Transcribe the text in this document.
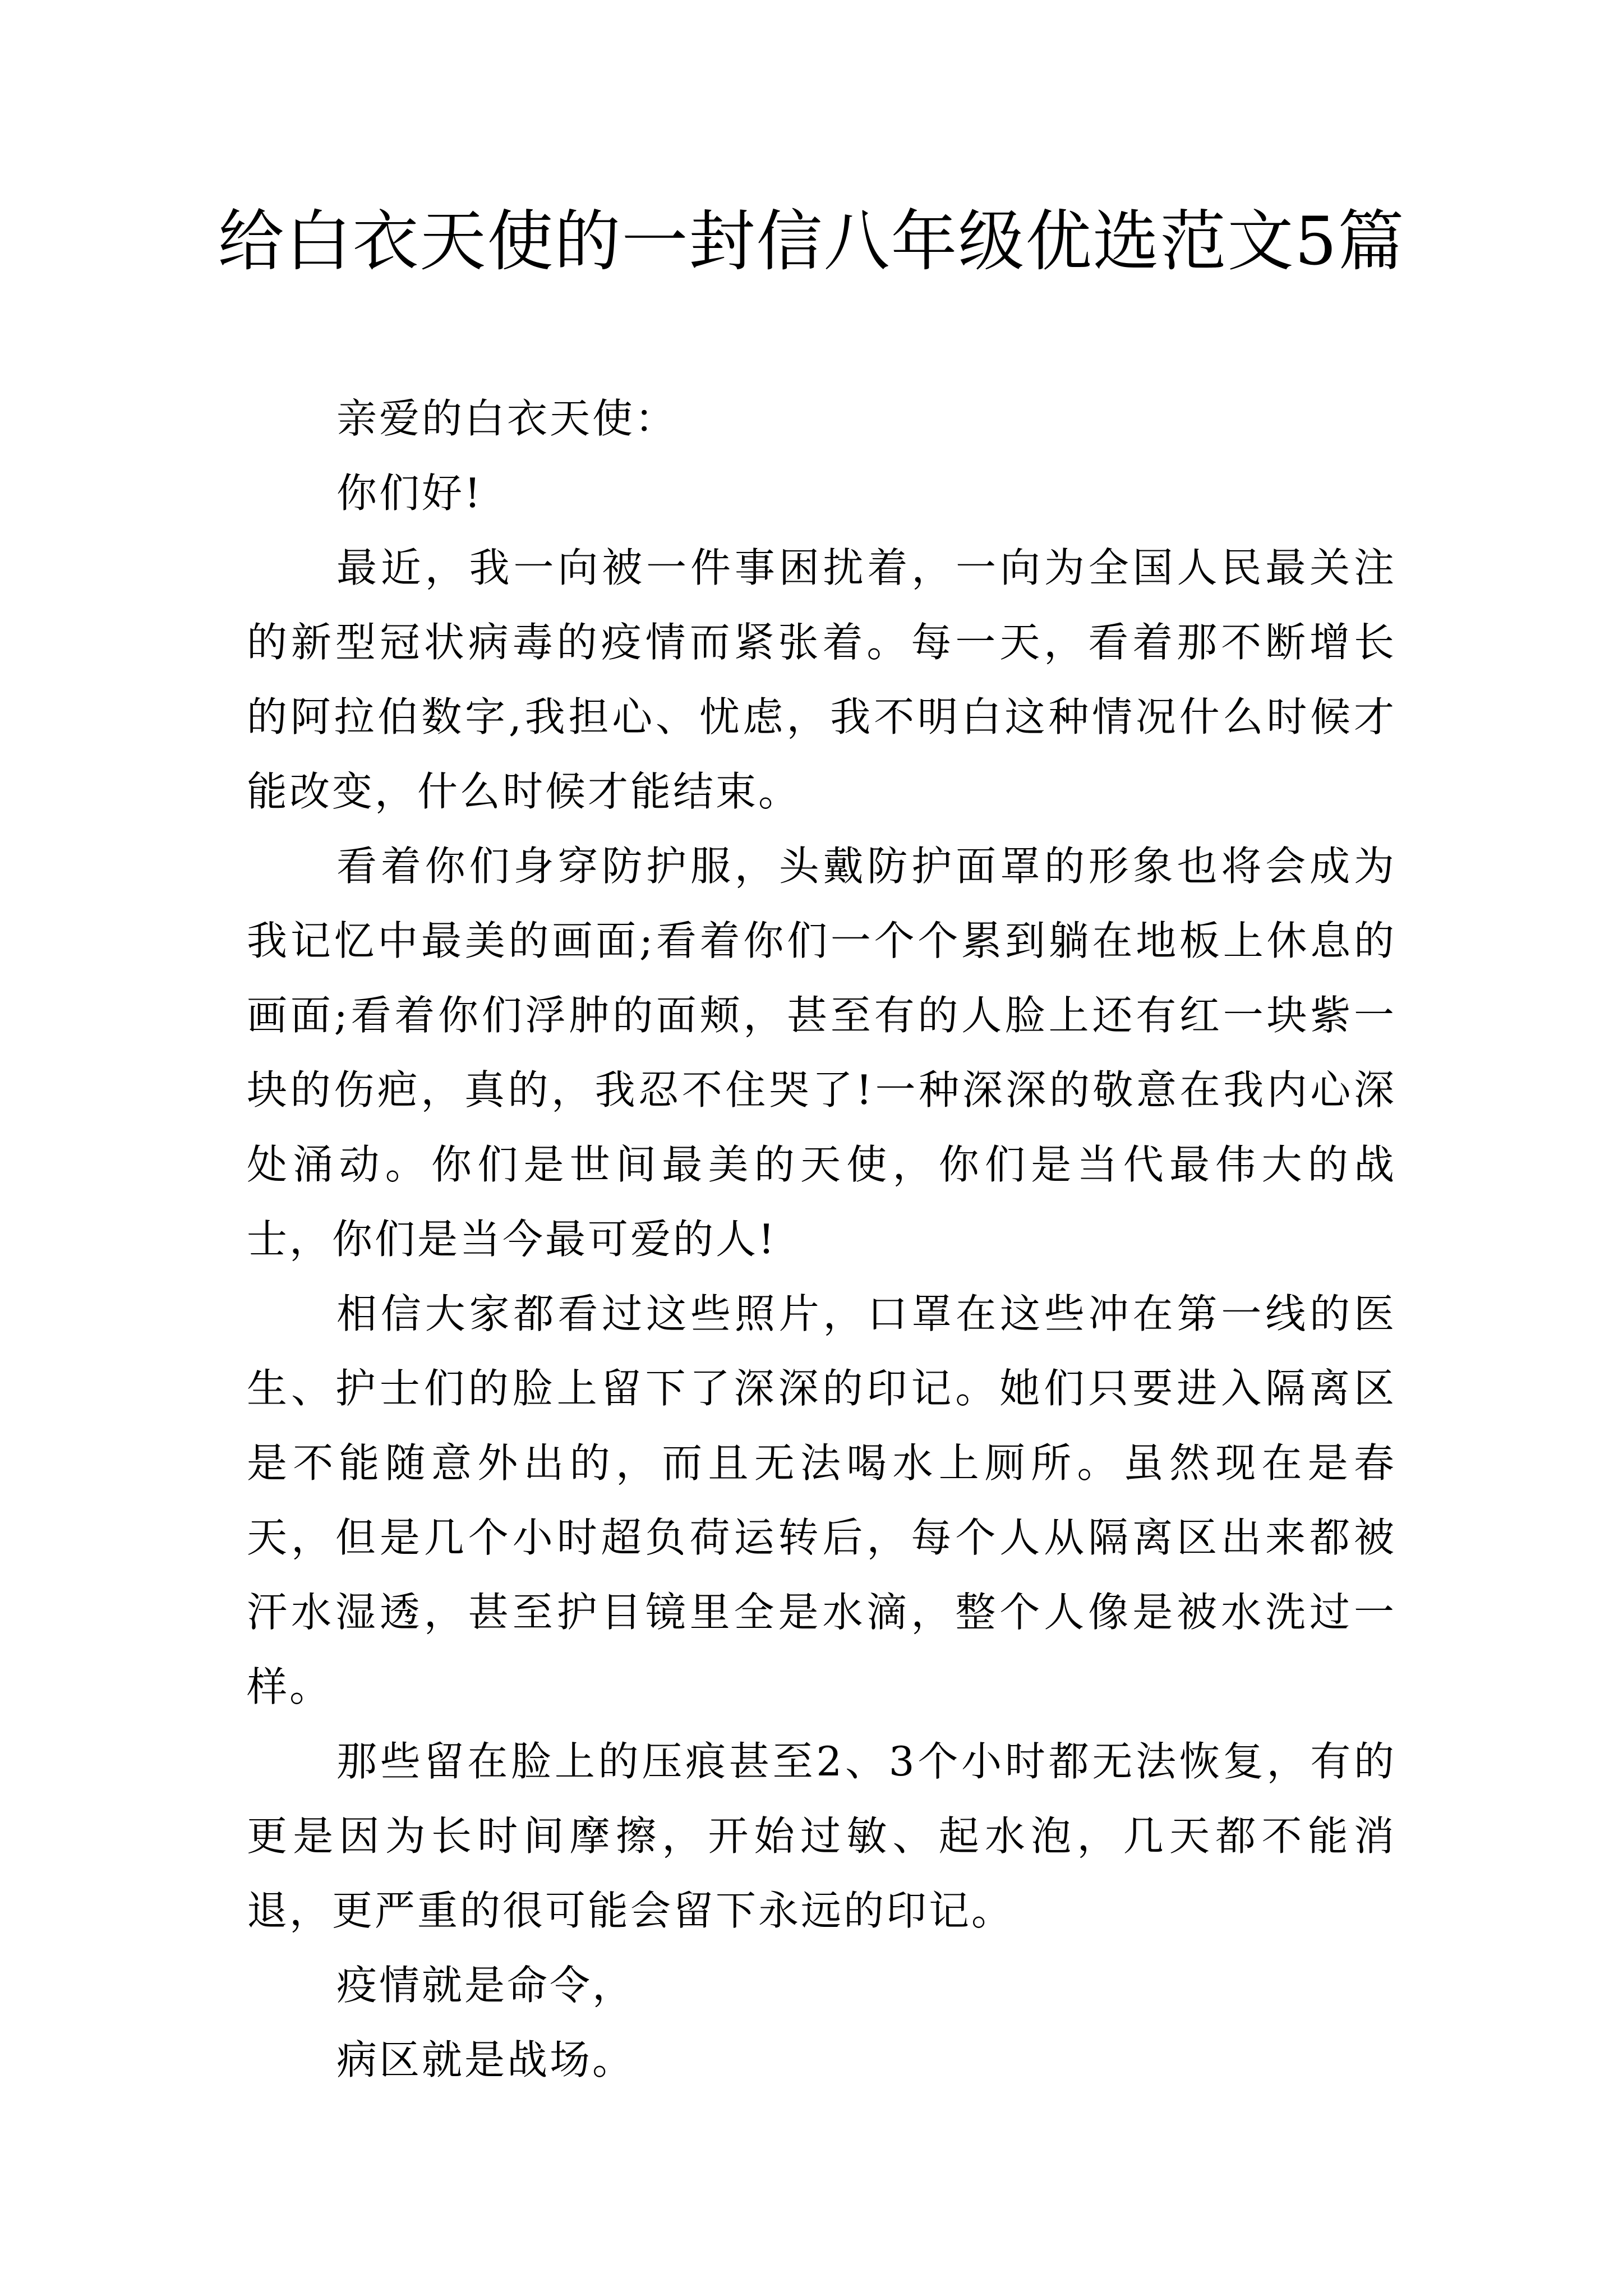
给白衣天使的一封信八年级优选范文5篇

亲爱的白衣天使：

你们好!

最近，我一向被一件事困扰着，一向为全国人民最关注的新型冠状病毒的疫情而紧张着。每一天，看着那不断增长的阿拉伯数字,我担心、忧虑，我不明白这种情况什么时候才能改变，什么时候才能结束。

看着你们身穿防护服，头戴防护面罩的形象也将会成为我记忆中最美的画面;看着你们一个个累到躺在地板上休息的画面;看着你们浮肿的面颊，甚至有的人脸上还有红一块紫一块的伤疤，真的，我忍不住哭了!一种深深的敬意在我内心深处涌动。你们是世间最美的天使，你们是当代最伟大的战士，你们是当今最可爱的人!

相信大家都看过这些照片，口罩在这些冲在第一线的医生、护士们的脸上留下了深深的印记。她们只要进入隔离区是不能随意外出的，而且无法喝水上厕所。虽然现在是春天，但是几个小时超负荷运转后，每个人从隔离区出来都被汗水湿透，甚至护目镜里全是水滴，整个人像是被水洗过一样。

那些留在脸上的压痕甚至2、3个小时都无法恢复，有的更是因为长时间摩擦，开始过敏、起水泡，几天都不能消退，更严重的很可能会留下永远的印记。

疫情就是命令，

病区就是战场。
